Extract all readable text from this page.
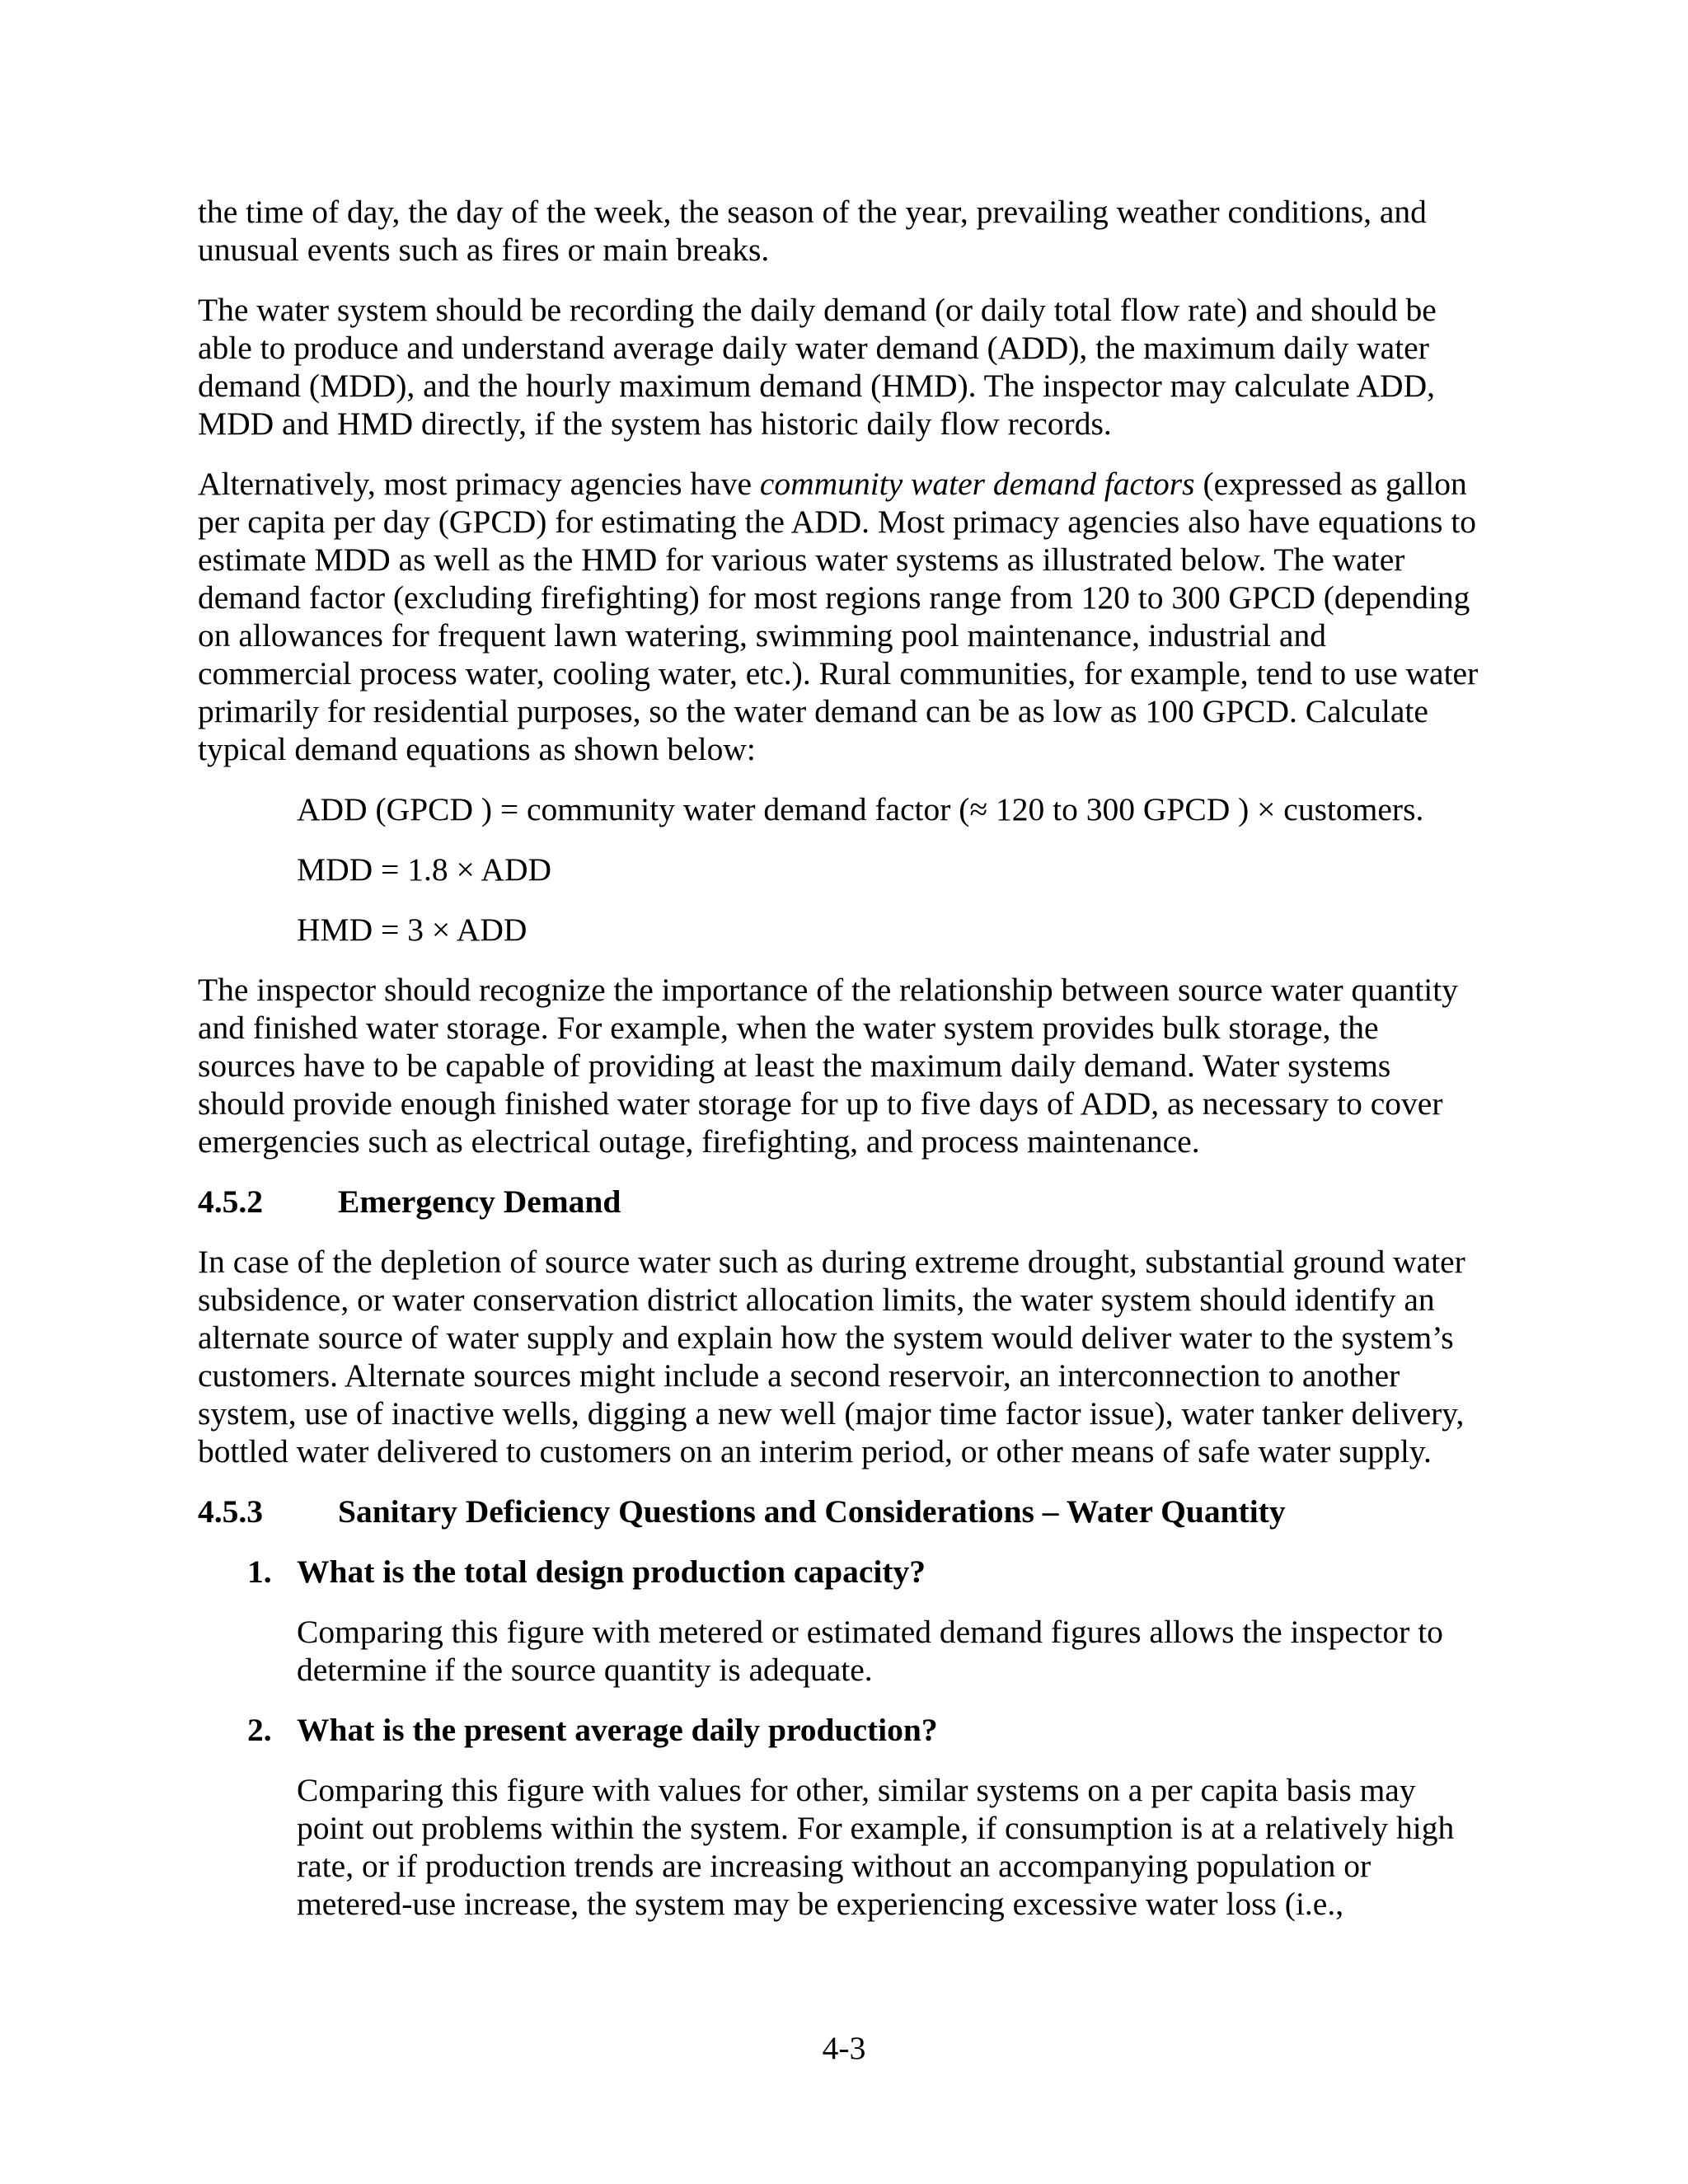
the time of day, the day of the week, the season of the year, prevailing weather conditions, and unusual events such as fires or main breaks.

The water system should be recording the daily demand (or daily total flow rate) and should be able to produce and understand average daily water demand (ADD), the maximum daily water demand (MDD), and the hourly maximum demand (HMD). The inspector may calculate ADD, MDD and HMD directly, if the system has historic daily flow records.

Alternatively, most primacy agencies have community water demand factors (expressed as gallon per capita per day (GPCD) for estimating the ADD. Most primacy agencies also have equations to estimate MDD as well as the HMD for various water systems as illustrated below. The water demand factor (excluding firefighting) for most regions range from 120 to 300 GPCD (depending on allowances for frequent lawn watering, swimming pool maintenance, industrial and commercial process water, cooling water, etc.). Rural communities, for example, tend to use water primarily for residential purposes, so the water demand can be as low as 100 GPCD. Calculate typical demand equations as shown below:

ADD (GPCD ) = community water demand factor (≈ 120 to 300 GPCD ) × customers.

MDD = 1.8 × ADD

HMD = 3 × ADD

The inspector should recognize the importance of the relationship between source water quantity and finished water storage. For example, when the water system provides bulk storage, the sources have to be capable of providing at least the maximum daily demand. Water systems should provide enough finished water storage for up to five days of ADD, as necessary to cover emergencies such as electrical outage, firefighting, and process maintenance.

4.5.2 Emergency Demand

In case of the depletion of source water such as during extreme drought, substantial ground water subsidence, or water conservation district allocation limits, the water system should identify an alternate source of water supply and explain how the system would deliver water to the system’s customers. Alternate sources might include a second reservoir, an interconnection to another system, use of inactive wells, digging a new well (major time factor issue), water tanker delivery, bottled water delivered to customers on an interim period, or other means of safe water supply.

4.5.3 Sanitary Deficiency Questions and Considerations – Water Quantity
1. What is the total design production capacity?

Comparing this figure with metered or estimated demand figures allows the inspector to determine if the source quantity is adequate.

2. What is the present average daily production?

Comparing this figure with values for other, similar systems on a per capita basis may point out problems within the system. For example, if consumption is at a relatively high rate, or if production trends are increasing without an accompanying population or metered-use increase, the system may be experiencing excessive water loss (i.e.,

4-3
